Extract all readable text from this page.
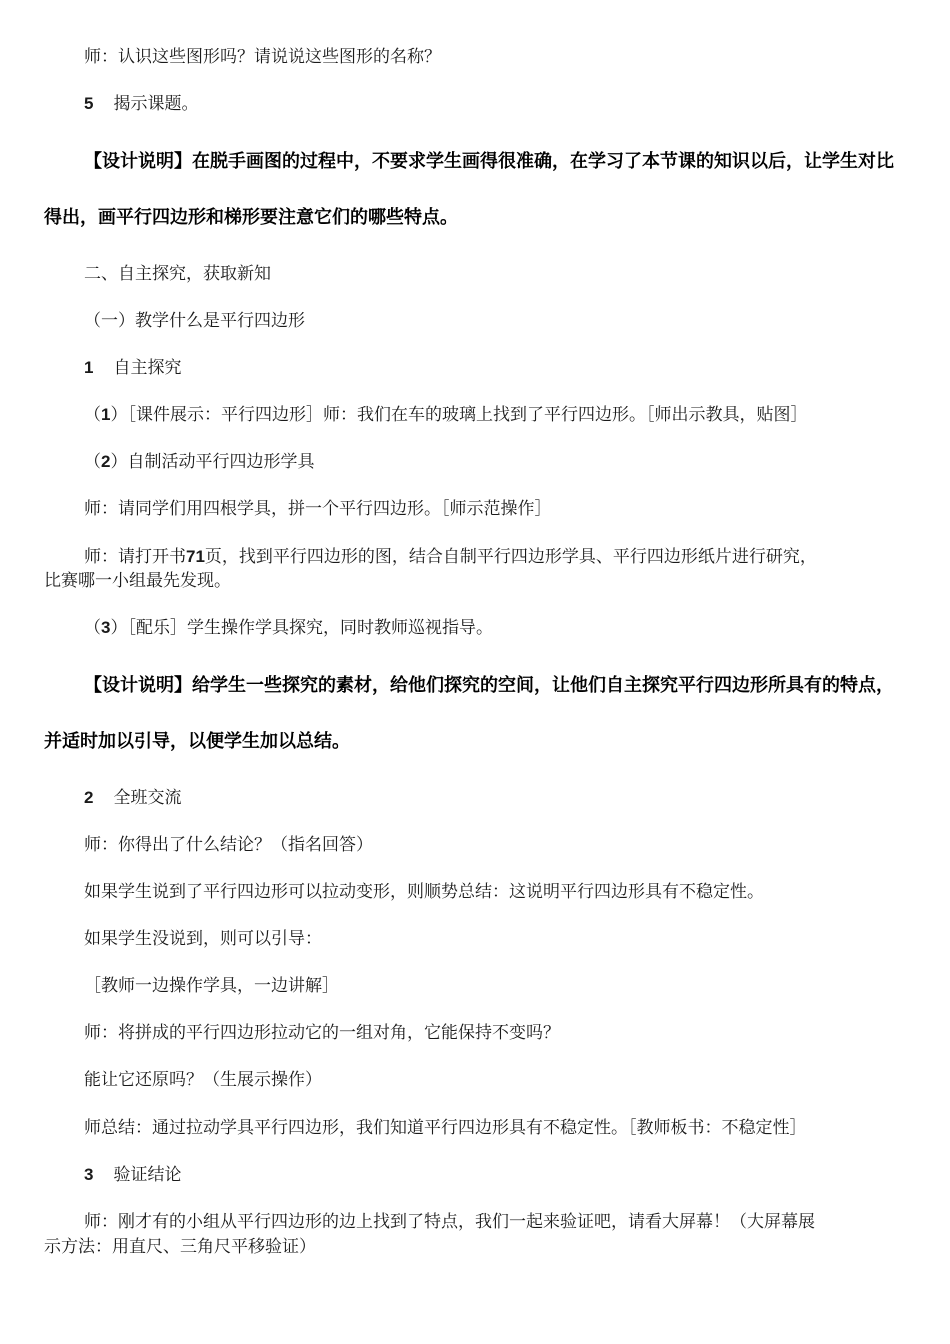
师：认识这些图形吗？请说说这些图形的名称？
5 揭示课题。
【设计说明】在脱手画图的过程中，不要求学生画得很准确，在学习了本节课的知识以后，让学生对比得出，画平行四边形和梯形要注意它们的哪些特点。
二、自主探究，获取新知
（一）教学什么是平行四边形
1 自主探究
（1）［课件展示：平行四边形］师：我们在车的玻璃上找到了平行四边形。［师出示教具，贴图］
（2）自制活动平行四边形学具
师：请同学们用四根学具，拼一个平行四边形。［师示范操作］
师：请打开书71页，找到平行四边形的图，结合自制平行四边形学具、平行四边形纸片进行研究，
比赛哪一小组最先发现。
（3）［配乐］学生操作学具探究，同时教师巡视指导。
【设计说明】给学生一些探究的素材，给他们探究的空间，让他们自主探究平行四边形所具有的特点，并适时加以引导，以便学生加以总结。
2 全班交流
师：你得出了什么结论？（指名回答）
如果学生说到了平行四边形可以拉动变形，则顺势总结：这说明平行四边形具有不稳定性。
如果学生没说到，则可以引导：
［教师一边操作学具，一边讲解］
师：将拼成的平行四边形拉动它的一组对角，它能保持不变吗？
能让它还原吗？（生展示操作）
师总结：通过拉动学具平行四边形，我们知道平行四边形具有不稳定性。［教师板书：不稳定性］
3 验证结论
师：刚才有的小组从平行四边形的边上找到了特点，我们一起来验证吧，请看大屏幕！（大屏幕展
示方法：用直尺、三角尺平移验证）
